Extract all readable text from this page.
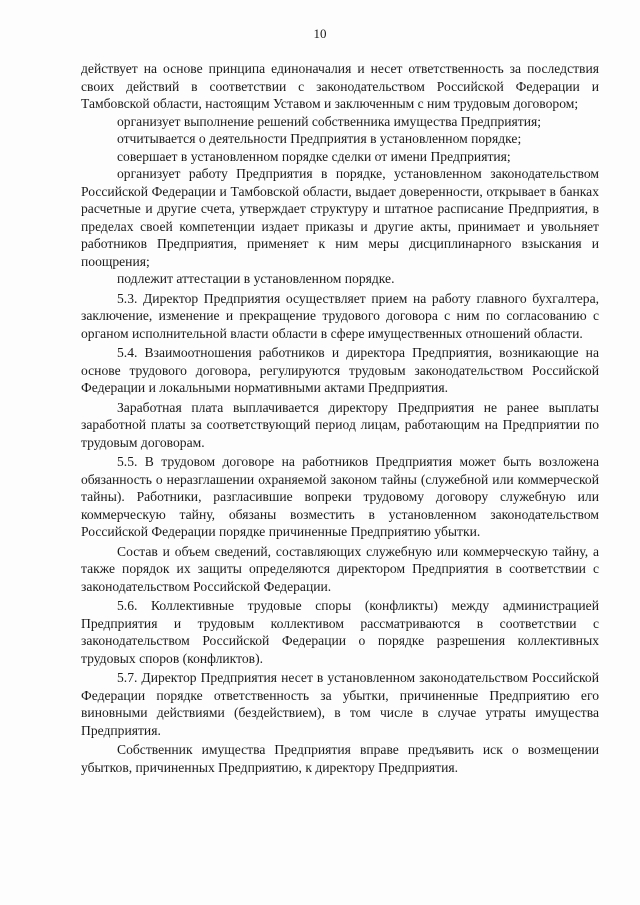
10

действует на основе принципа единоначалия и несет ответственность за последствия своих действий в соответствии с законодательством Российской Федерации и Тамбовской области, настоящим Уставом и заключенным с ним трудовым договором;

организует выполнение решений собственника имущества Предприятия;

отчитывается о деятельности Предприятия в установленном порядке;

совершает в установленном порядке сделки от имени Предприятия;

организует работу Предприятия в порядке, установленном законодательством Российской Федерации и Тамбовской области, выдает доверенности, открывает в банках расчетные и другие счета, утверждает структуру и штатное расписание Предприятия, в пределах своей компетенции издает приказы и другие акты, принимает и увольняет работников Предприятия, применяет к ним меры дисциплинарного взыскания и поощрения;

подлежит аттестации в установленном порядке.

5.3. Директор Предприятия осуществляет прием на работу главного бухгалтера, заключение, изменение и прекращение трудового договора с ним по согласованию с органом исполнительной власти области в сфере имущественных отношений области.

5.4. Взаимоотношения работников и директора Предприятия, возникающие на основе трудового договора, регулируются трудовым законодательством Российской Федерации и локальными нормативными актами Предприятия.

Заработная плата выплачивается директору Предприятия не ранее выплаты заработной платы за соответствующий период лицам, работающим на Предприятии по трудовым договорам.

5.5. В трудовом договоре на работников Предприятия может быть возложена обязанность о неразглашении охраняемой законом тайны (служебной или коммерческой тайны). Работники, разгласившие вопреки трудовому договору служебную или коммерческую тайну, обязаны возместить в установленном законодательством Российской Федерации порядке причиненные Предприятию убытки.

Состав и объем сведений, составляющих служебную или коммерческую тайну, а также порядок их защиты определяются директором Предприятия в соответствии с законодательством Российской Федерации.

5.6. Коллективные трудовые споры (конфликты) между администрацией Предприятия и трудовым коллективом рассматриваются в соответствии с законодательством Российской Федерации о порядке разрешения коллективных трудовых споров (конфликтов).

5.7. Директор Предприятия несет в установленном законодательством Российской Федерации порядке ответственность за убытки, причиненные Предприятию его виновными действиями (бездействием), в том числе в случае утраты имущества Предприятия.

Собственник имущества Предприятия вправе предъявить иск о возмещении убытков, причиненных Предприятию, к директору Предприятия.
